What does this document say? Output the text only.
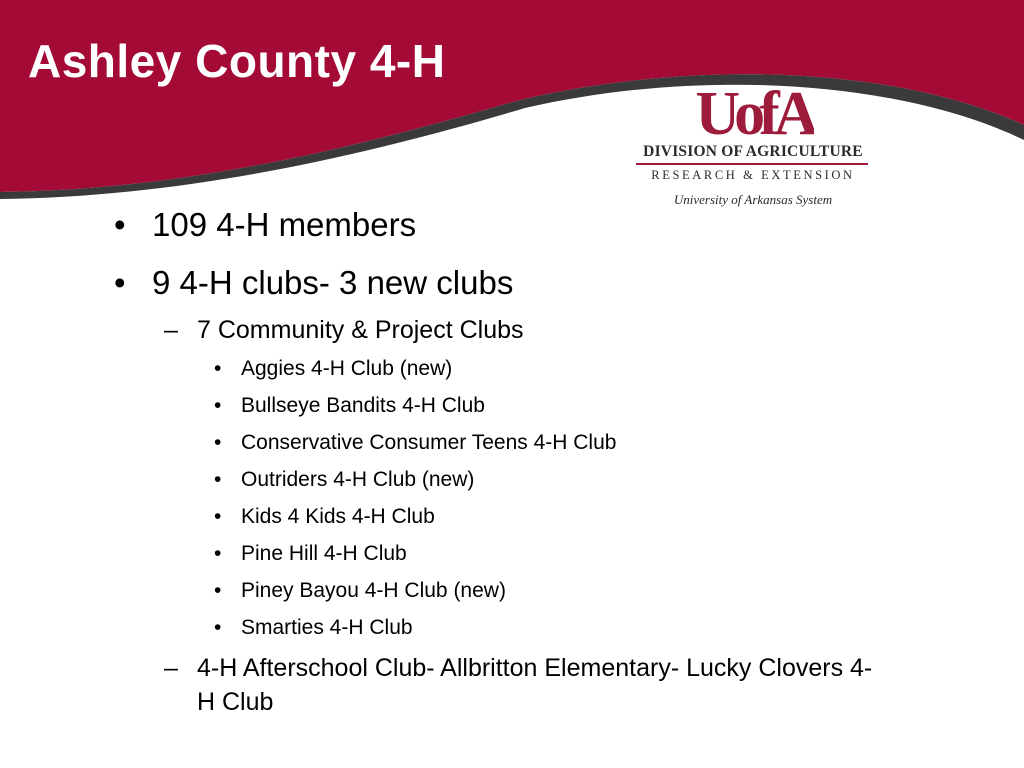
Ashley County 4-H
UofA
DIVISION OF AGRICULTURE
RESEARCH & EXTENSION
University of Arkansas System
• 109 4-H members
• 9 4-H clubs- 3 new clubs
– 7 Community & Project Clubs
• Aggies 4-H Club (new)
• Bullseye Bandits 4-H Club
• Conservative Consumer Teens 4-H Club
• Outriders 4-H Club (new)
• Kids 4 Kids 4-H Club
• Pine Hill 4-H Club
• Piney Bayou 4-H Club (new)
• Smarties 4-H Club
– 4-H Afterschool Club- Allbritton Elementary- Lucky Clovers 4-H Club
